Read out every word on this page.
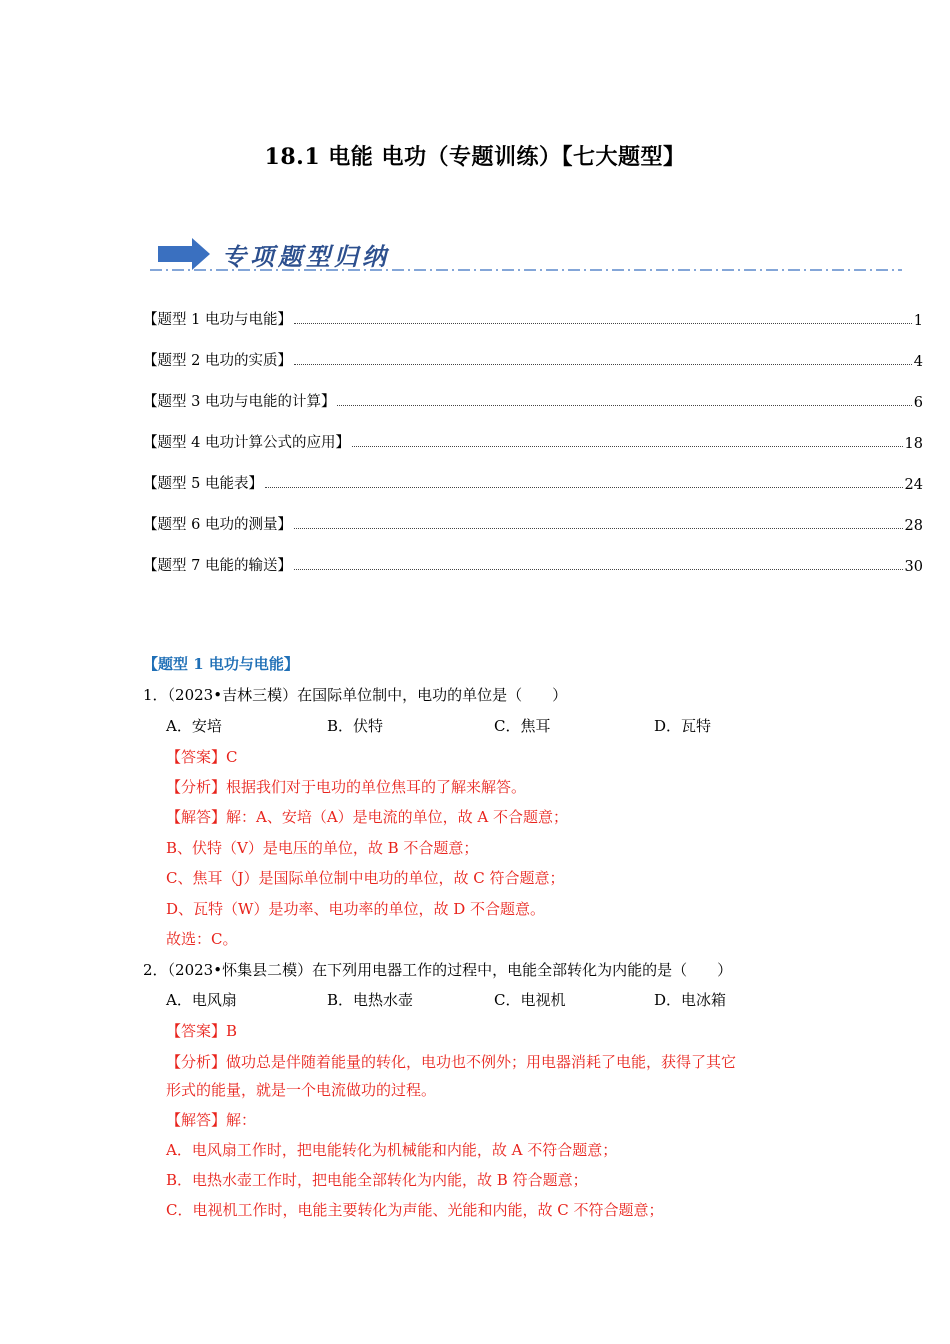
18.1 电能 电功（专题训练）【七大题型】
专项题型归纳
【题型 1 电功与电能】	1
【题型 2 电功的实质】	4
【题型 3 电功与电能的计算】	6
【题型 4 电功计算公式的应用】	18
【题型 5 电能表】	24
【题型 6 电功的测量】	28
【题型 7 电能的输送】	30
【题型 1 电功与电能】
1．（2023•吉林三模）在国际单位制中，电功的单位是（　　）
A．安培	B．伏特	C．焦耳	D．瓦特
【答案】C
【分析】根据我们对于电功的单位焦耳的了解来解答。
【解答】解：A、安培（A）是电流的单位，故 A 不合题意；
B、伏特（V）是电压的单位，故 B 不合题意；
C、焦耳（J）是国际单位制中电功的单位，故 C 符合题意；
D、瓦特（W）是功率、电功率的单位，故 D 不合题意。
故选：C。
2．（2023•怀集县二模）在下列用电器工作的过程中，电能全部转化为内能的是（　　）
A．电风扇	B．电热水壶	C．电视机	D．电冰箱
【答案】B
【分析】做功总是伴随着能量的转化，电功也不例外；用电器消耗了电能，获得了其它
形式的能量，就是一个电流做功的过程。
【解答】解：
A．电风扇工作时，把电能转化为机械能和内能，故 A 不符合题意；
B．电热水壶工作时，把电能全部转化为内能，故 B 符合题意；
C．电视机工作时，电能主要转化为声能、光能和内能，故 C 不符合题意；
